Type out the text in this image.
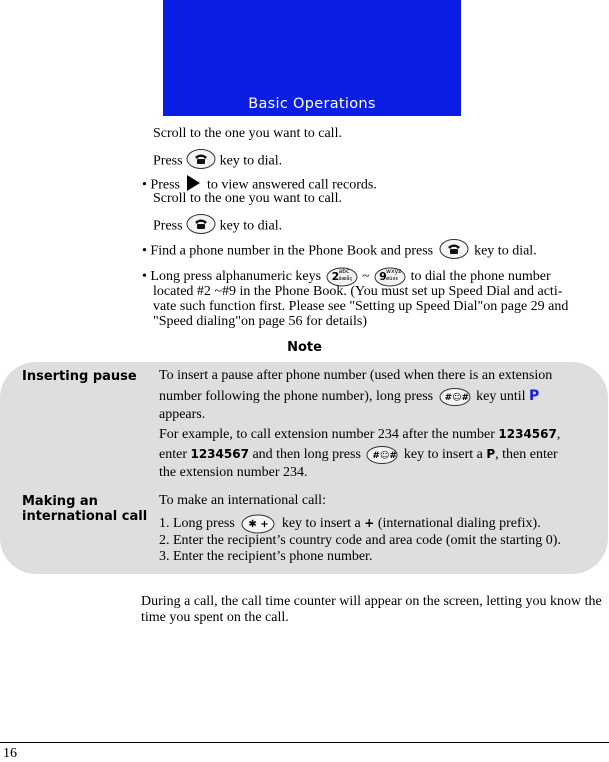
Basic Operations
Scroll to the one you want to call.
Press	key to dial.
• Press to view answered call records.
Scroll to the one you want to call.
Press	key to dial.
• Find a phone number in the Phone Book and press	key to dial.
• Long press alphanumeric keys 2 abc
äæåç ~ 9 wxyz
øüəɛ to dial the phone number
located #2 ~#9 in the Phone Book. (You must set up Speed Dial and acti-
vate such function first. Please see "Setting up Speed Dial"on page 29 and
"Speed dialing"on page 56 for details)
Note
Inserting pause To insert a pause after phone number (used when there is an extension
number following the phone number), long press #☺# key until P
appears.
For example, to call extension number 234 after the number 1234567,
enter 1234567 and then long press #☺# key to insert a P, then enter
the extension number 234.
Making an
international call
To make an international call:
1. Long press ✱ + key to insert a + (international dialing prefix).
2. Enter the recipient’s country code and area code (omit the starting 0).
3. Enter the recipient’s phone number.
During a call, the call time counter will appear on the screen, letting you know the time you spent on the call.
16
